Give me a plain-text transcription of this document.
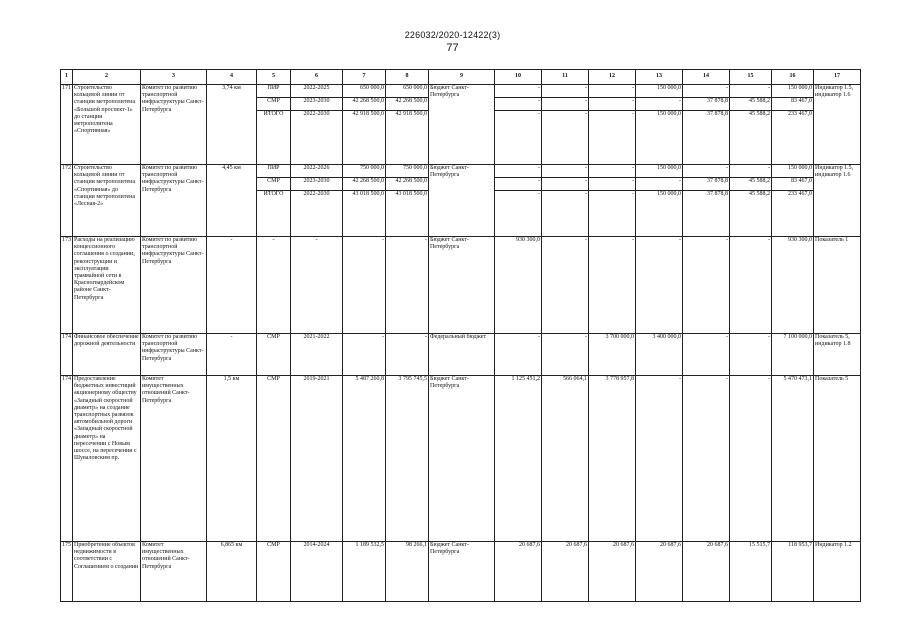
226032/2020-12422(3)
77
1	2	3	4	5	6	7	8	9	10	11	12	13	14	15	16	17
171	Строительство кольцевой линии от станции метрополитена «Большой проспект-1» до станции метрополитена «Спортивная»	Комитет по развитию транспортной инфраструктуры Санкт-Петербурга	3,74 км	ПИР	2022-2025	650 000,0	650 000,0	Бюджет Санкт-Петербурга	-	-	-	150 000,0	-	-	150 000,0	Индикатор 1.5, индикатор 1.6
				СМР	2023-2030	42 268 500,0	42 268 500,0		-	-	-	-	37 878,8	45 588,2	83 467,0	
				ИТОГО	2022-2030	42 918 500,0	42 918 500,0		-	-	-	150 000,0	37 878,8	45 588,2	233 467,0	
172	Строительство кольцевой линии от станции метрополитена «Спортивная» до станции метрополитена «Лесная-2»	Комитет по развитию транспортной инфраструктуры Санкт-Петербурга	4,45 км	ПИР	2022-2026	750 000,0	750 000,0	Бюджет Санкт-Петербурга	-	-	-	150 000,0	-	-	150 000,0	Индикатор 1.5, индикатор 1.6
				СМР	2023-2030	42 268 500,0	42 268 500,0		-	-	-	-	37 878,8	45 588,2	83 467,0	
				ИТОГО	2022-2030	43 018 500,0	43 018 500,0		-	-	-	150 000,0	37 878,8	45 588,2	233 467,0	
173	Расходы на реализацию концессионного соглашения о создании, реконструкции и эксплуатации трамвайной сети в Красногвардейском районе Санкт-Петербурга	Комитет по развитию транспортной инфраструктуры Санкт-Петербурга	-	-	-	-	-	Бюджет Санкт-Петербурга	930 300,0	-	-	-	-	-	930 300,0	Показатель 1
174	Финансовое обеспечение дорожной деятельности	Комитет по развитию транспортной инфраструктуры Санкт-Петербурга	-	СМР	2021-2022	-	-	Федеральный бюджет	-	-	3 700 000,0	3 400 000,0	-	-	7 100 000,0	Показатель 5, индикатор 1.8
174	Предоставление бюджетных инвестиций акционерному обществу «Западный скоростной диаметр» на создание транспортных развязок автомобильной дороги «Западный скоростной диаметр» на пересечении с Новым шоссе, на пересечении с Шуваловским пр.	Комитет имущественных отношений Санкт-Петербурга	1,5 км	СМР	2019-2021	5 487 260,8	3 795 745,5	Бюджет Санкт-Петербурга	1 125 451,2	566 064,1	3 778 957,8	-	-	-	5 470 473,1	Показатель 5
175	Приобретение объектов недвижимости в соответствии с Соглашением о создании	Комитет имущественных отношений Санкт-Петербурга	6,865 км	СМР	2014-2024	1 189 532,5	98 266,1	Бюджет Санкт-Петербурга	20 687,6	20 687,6	20 687,6	20 687,6	20 687,6	15 515,7	118 953,7	Индикатор 1.2
